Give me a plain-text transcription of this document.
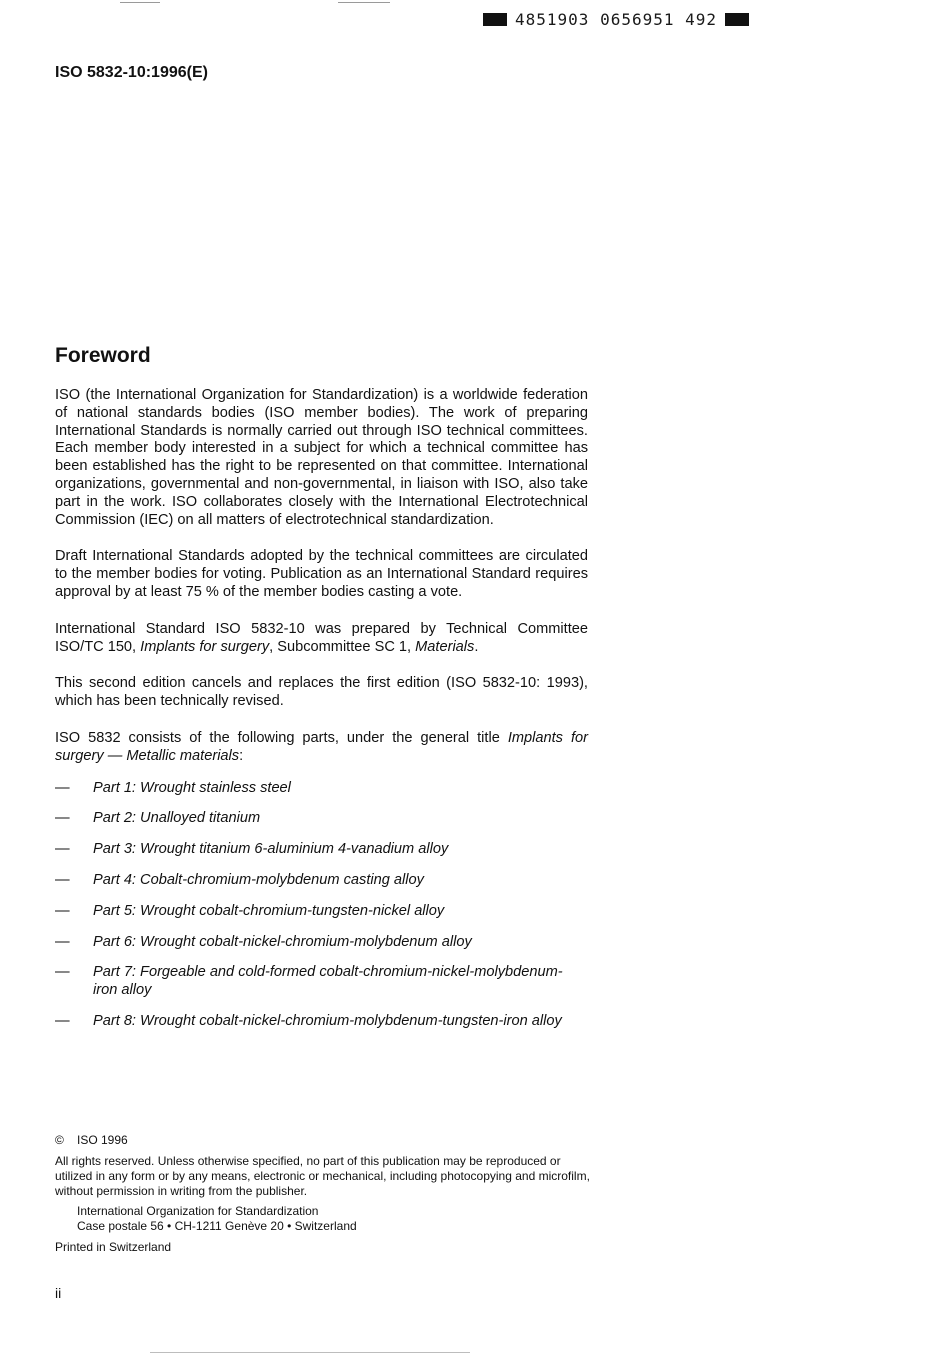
4851903 0656951 492
ISO 5832-10:1996(E)
Foreword

ISO (the International Organization for Standardization) is a worldwide federation of national standards bodies (ISO member bodies). The work of preparing International Standards is normally carried out through ISO technical committees. Each member body interested in a subject for which a technical committee has been established has the right to be represented on that committee. International organizations, governmental and non-governmental, in liaison with ISO, also take part in the work. ISO collaborates closely with the International Electrotechnical Commission (IEC) on all matters of electrotechnical standardization.

Draft International Standards adopted by the technical committees are circulated to the member bodies for voting. Publication as an International Standard requires approval by at least 75 % of the member bodies casting a vote.

International Standard ISO 5832-10 was prepared by Technical Committee ISO/TC 150, Implants for surgery, Subcommittee SC 1, Materials.

This second edition cancels and replaces the first edition (ISO 5832-10: 1993), which has been technically revised.

ISO 5832 consists of the following parts, under the general title Implants for surgery — Metallic materials:

—	Part 1: Wrought stainless steel
—	Part 2: Unalloyed titanium
—	Part 3: Wrought titanium 6-aluminium 4-vanadium alloy
—	Part 4: Cobalt-chromium-molybdenum casting alloy
—	Part 5: Wrought cobalt-chromium-tungsten-nickel alloy
—	Part 6: Wrought cobalt-nickel-chromium-molybdenum alloy
—	Part 7: Forgeable and cold-formed cobalt-chromium-nickel-molybdenum-iron alloy
—	Part 8: Wrought cobalt-nickel-chromium-molybdenum-tungsten-iron alloy
© ISO 1996
All rights reserved. Unless otherwise specified, no part of this publication may be reproduced or utilized in any form or by any means, electronic or mechanical, including photocopying and microfilm, without permission in writing from the publisher.
International Organization for Standardization
Case postale 56 • CH-1211 Genève 20 • Switzerland
Printed in Switzerland
ii
